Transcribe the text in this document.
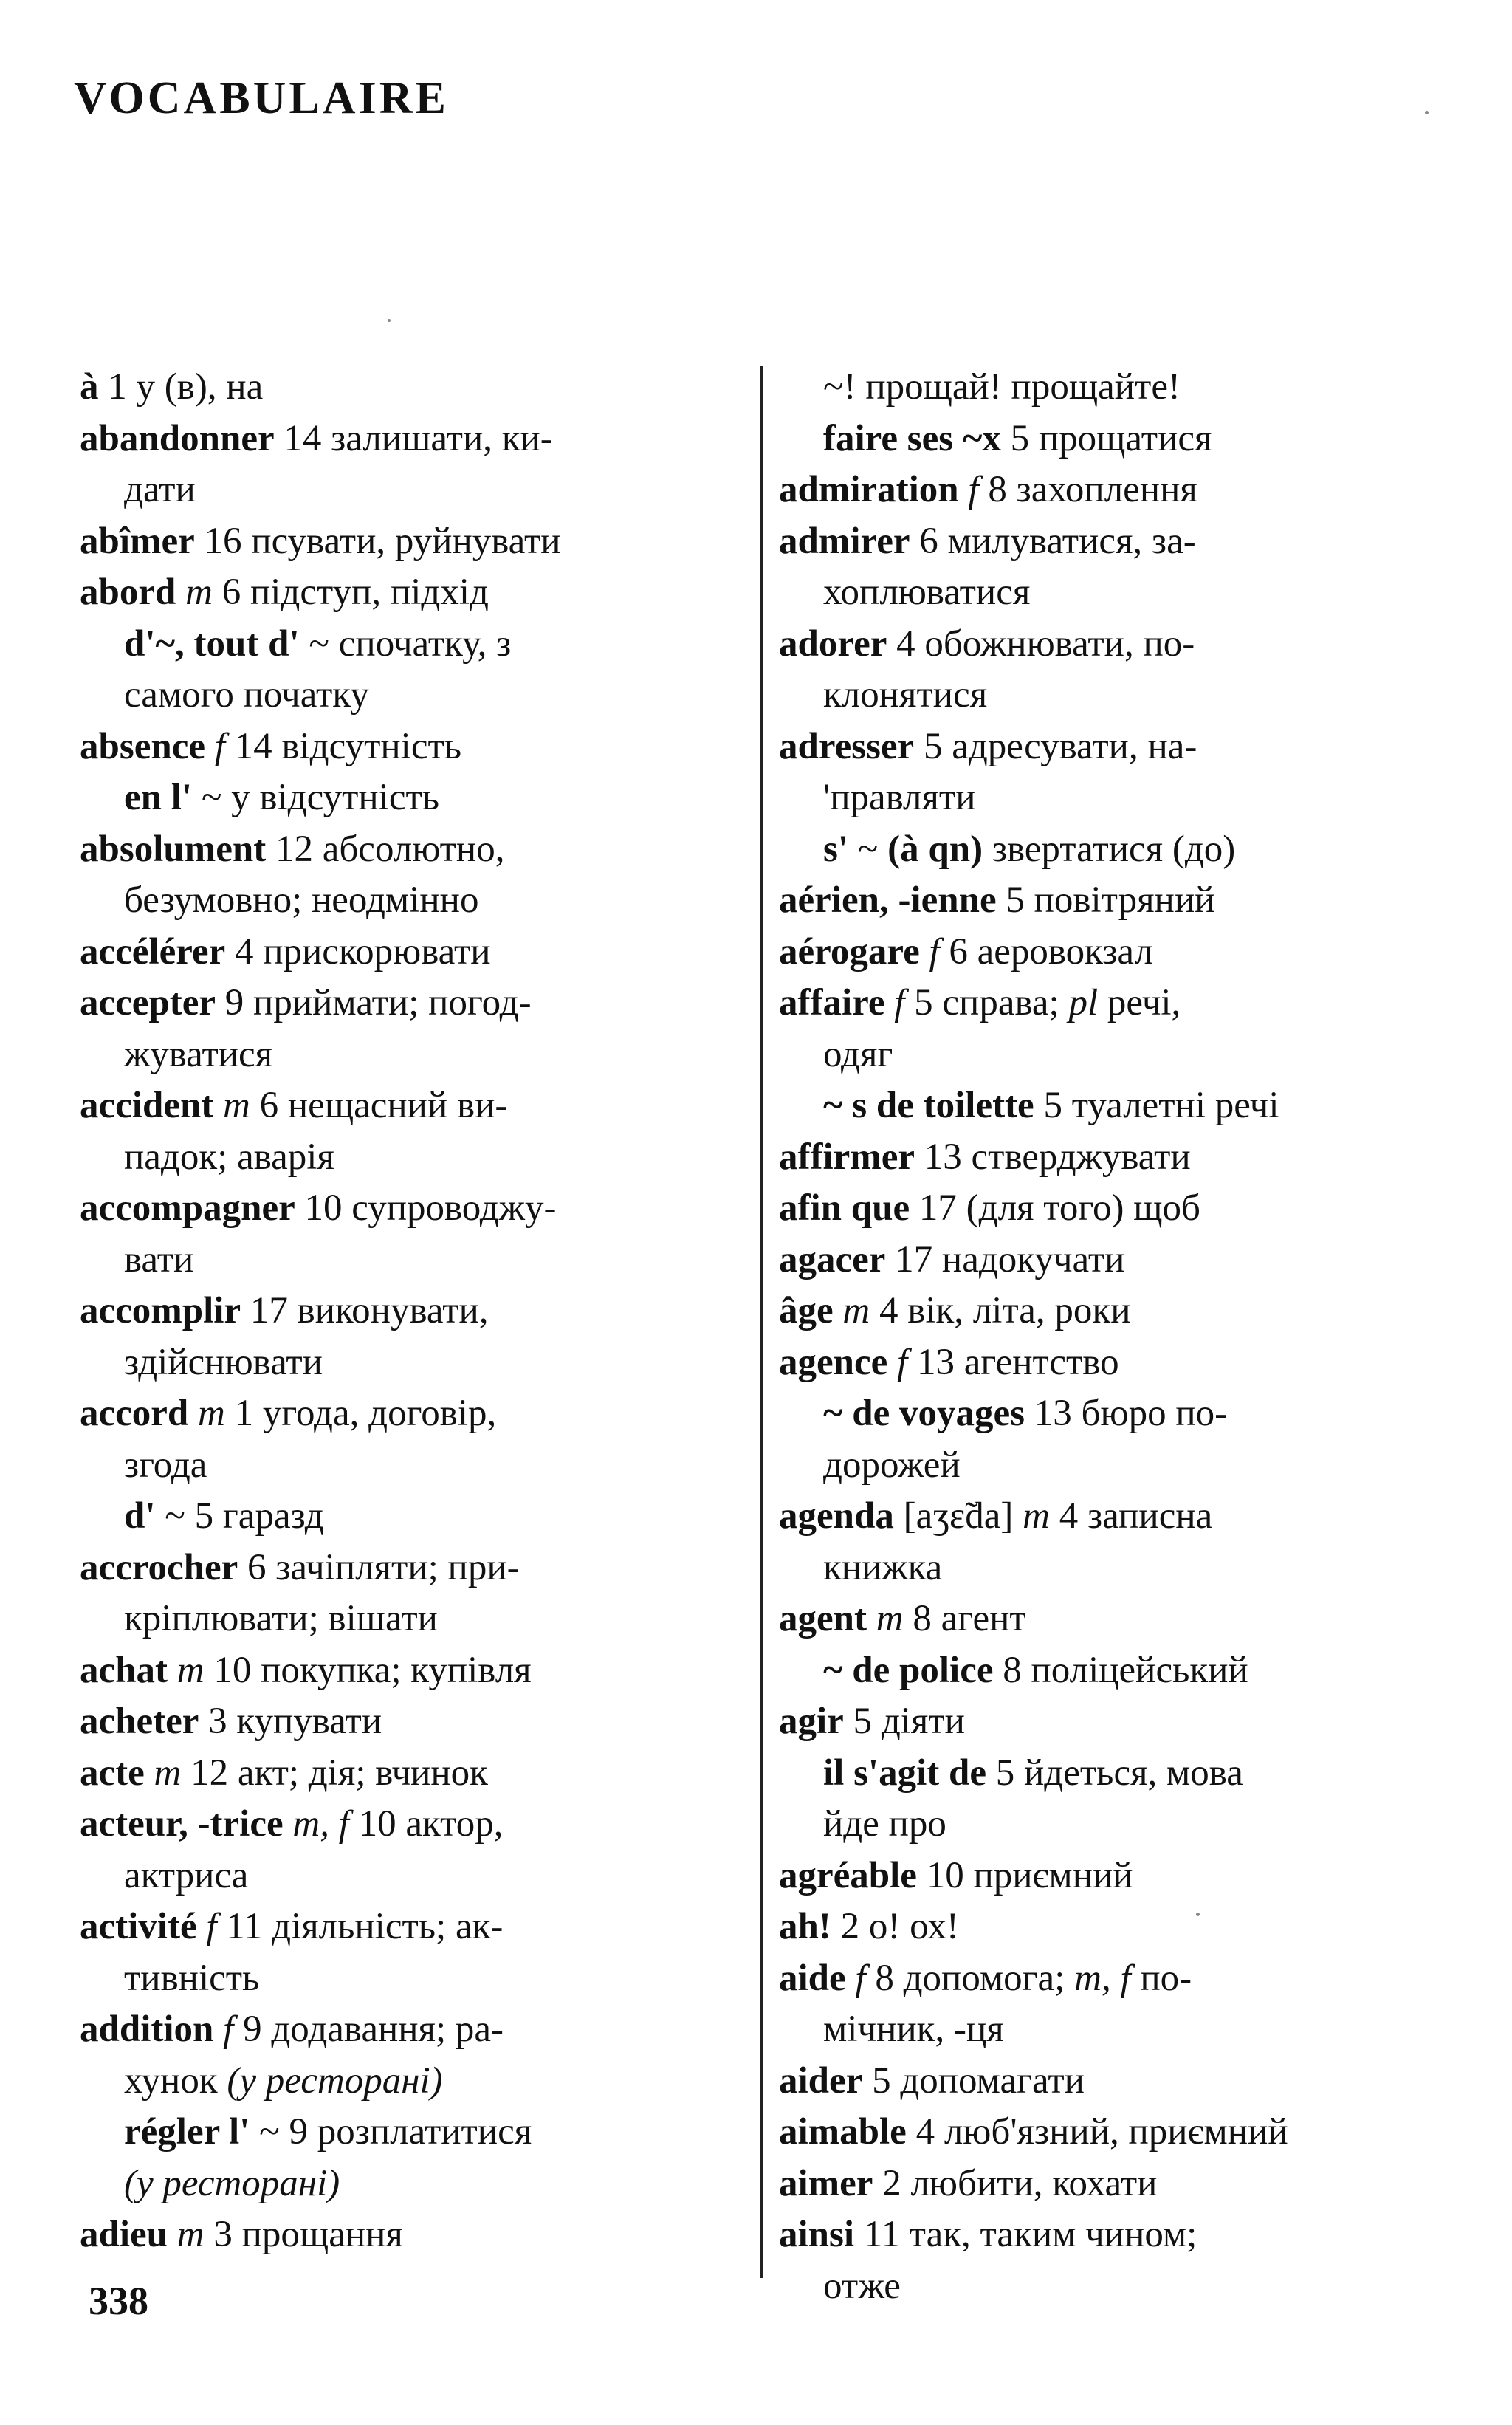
VOCABULAIRE
à 1 у (в), на
abandonner 14 залишати, ки-
дати
abîmer 16 псувати, руйнувати
abord m 6 підступ, підхід
d'~, tout d' ~ спочатку, з
самого початку
absence f 14 відсутність
en l' ~ у відсутність
absolument 12 абсолютно,
безумовно; неодмінно
accélérer 4 прискорювати
accepter 9 приймати; погод-
жуватися
accident m 6 нещасний ви-
падок; аварія
accompagner 10 супроводжу-
вати
accomplir 17 виконувати,
здійснювати
accord m 1 угода, договір,
згода
d' ~ 5 гаразд
accrocher 6 зачіпляти; при-
кріплювати; вішати
achat m 10 покупка; купівля
acheter 3 купувати
acte m 12 акт; дія; вчинок
acteur, -trice m, f 10 актор,
актриса
activité f 11 діяльність; ак-
тивність
addition f 9 додавання; ра-
хунок (у ресторані)
régler l' ~ 9 розплатитися
(у ресторані)
adieu m 3 прощання
~! прощай! прощайте!
faire ses ~x 5 прощатися
admiration f 8 захоплення
admirer 6 милуватися, за-
хоплюватися
adorer 4 обожнювати, по-
клонятися
adresser 5 адресувати, на-
'правляти
s' ~ (à qn) звертатися (до)
aérien, -ienne 5 повітряний
aérogare f 6 аеровокзал
affaire f 5 справа; pl речі,
одяг
~ s de toilette 5 туалетні речі
affirmer 13 стверджувати
afin que 17 (для того) щоб
agacer 17 надокучати
âge m 4 вік, літа, роки
agence f 13 агентство
~ de voyages 13 бюро по-
дорожей
agenda [aʒɛ̃da] m 4 записна
книжка
agent m 8 агент
~ de police 8 поліцейський
agir 5 діяти
il s'agit de 5 йдеться, мова
йде про
agréable 10 приємний
ah! 2 о! ох!
aide f 8 допомога; m, f по-
мічник, -ця
aider 5 допомагати
aimable 4 люб'язний, приємний
aimer 2 любити, кохати
ainsi 11 так, таким чином;
отже
338
